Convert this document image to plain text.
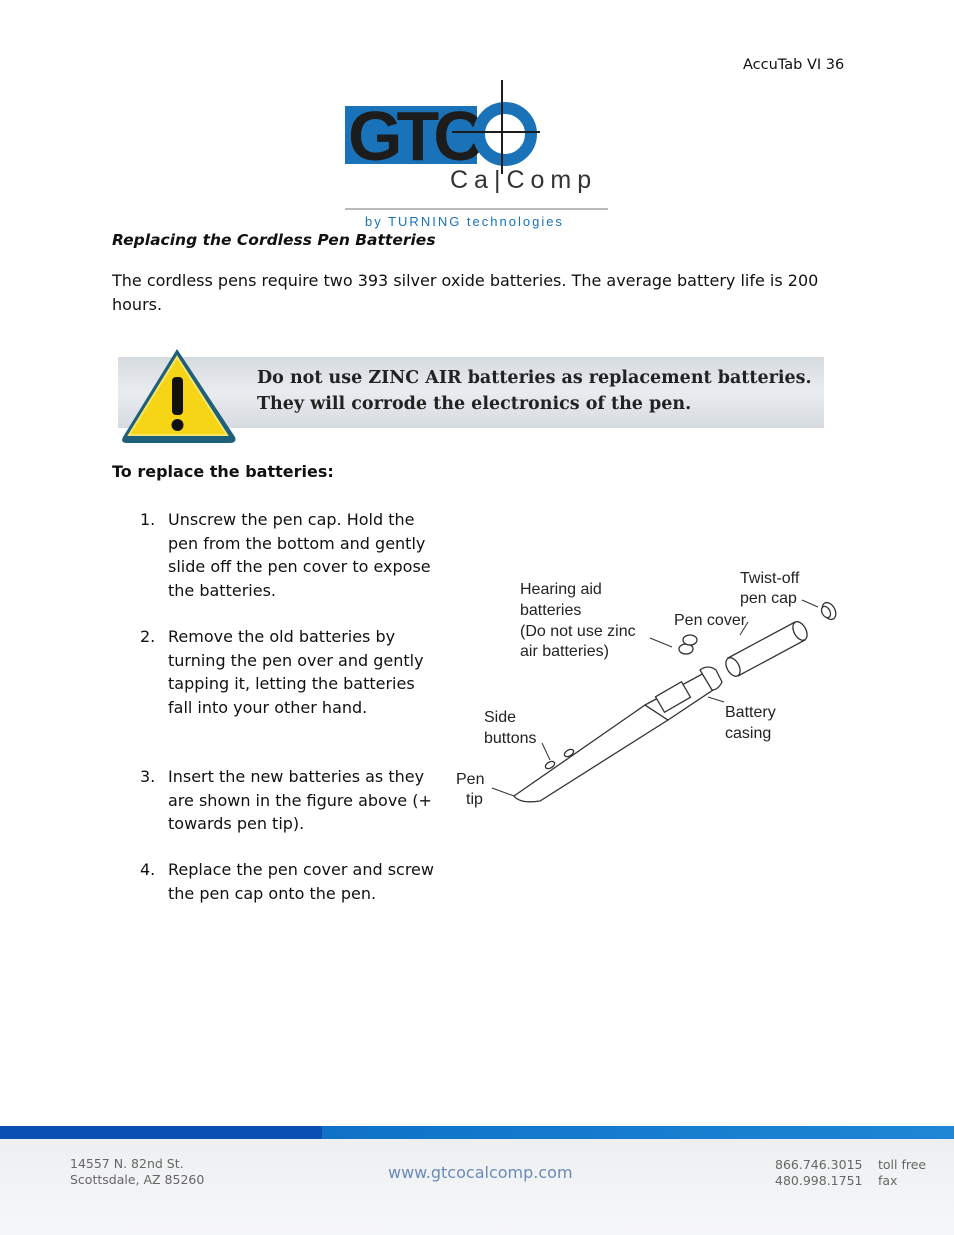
AccuTab VI 36
GTC
Ca|Comp
by TURNING technologies
Replacing the Cordless Pen Batteries
The cordless pens require two 393 silver oxide batteries. The average battery life is 200 hours.
Do not use ZINC AIR batteries as replacement batteries.
They will corrode the electronics of the pen.
To replace the batteries:
1. Unscrew the pen cap. Hold the pen from the bottom and gently slide off the pen cover to expose the batteries.
2. Remove the old batteries by turning the pen over and gently tapping it, letting the batteries fall into your other hand.
3. Insert the new batteries as they are shown in the figure above (+ towards pen tip).
4. Replace the pen cover and screw the pen cap onto the pen.
Hearing aid
batteries
(Do not use zinc
air batteries)
Twist-off
pen cap
Pen cover
Side
buttons
Battery
casing
Pen
tip
14557 N. 82nd St.
Scottsdale, AZ 85260	www.gtcocalcomp.com	866.746.3015
480.998.1751
toll free
fax
